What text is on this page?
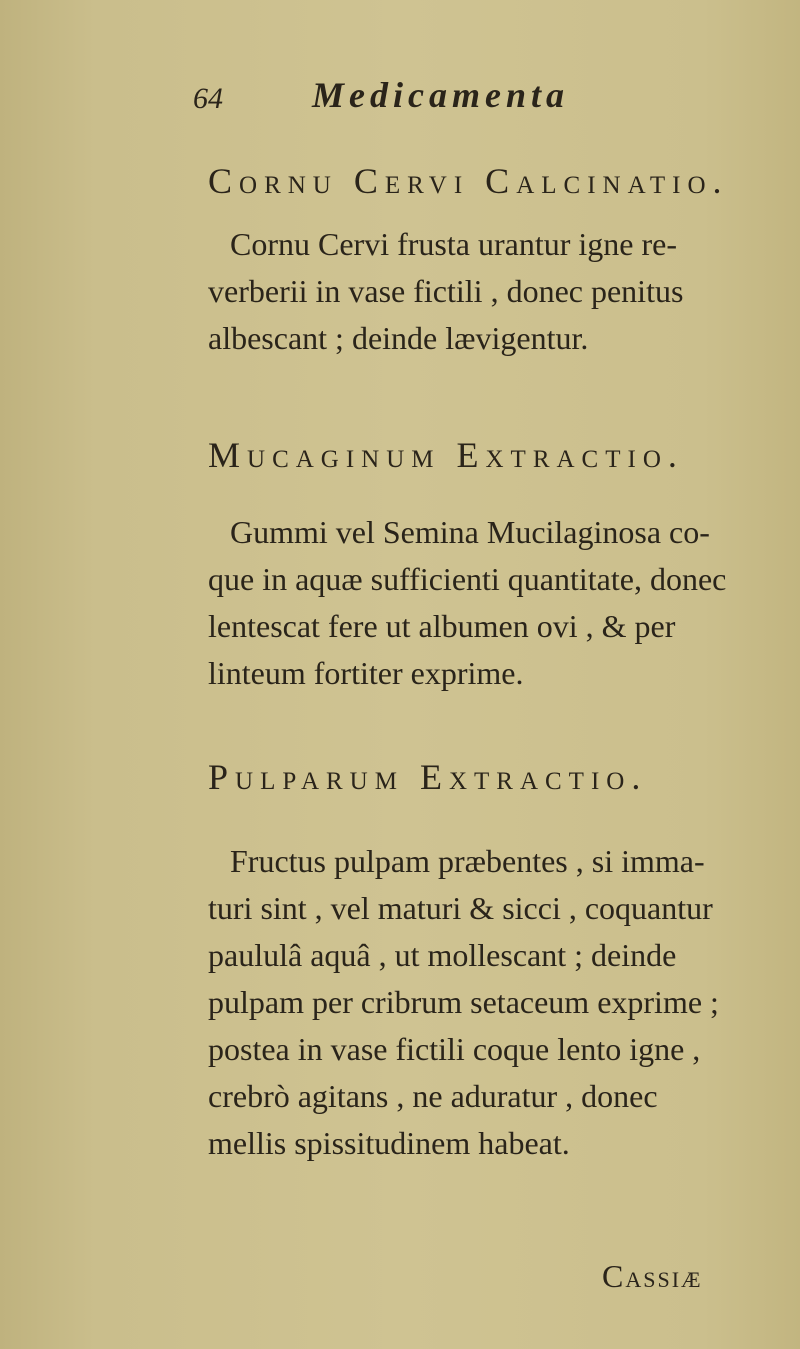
64 Medicamenta
Cornu Cervi Calcinatio.
Cornu Cervi frusta urantur igne re-
verberii in vase fictili , donec penitus
albescant ; deinde lævigentur.
Mucaginum Extractio.
Gummi vel Semina Mucilaginosa co-
que in aquæ sufficienti quantitate, donec
lentescat fere ut albumen ovi , & per
linteum fortiter exprime.
Pulparum Extractio.
Fructus pulpam præbentes , si imma-
turi sint , vel maturi & sicci , coquantur
paululâ aquâ , ut mollescant ; deinde
pulpam per cribrum setaceum exprime ;
postea in vase fictili coque lento igne ,
crebrò agitans , ne aduratur , donec
mellis spissitudinem habeat.
Cassiæ
